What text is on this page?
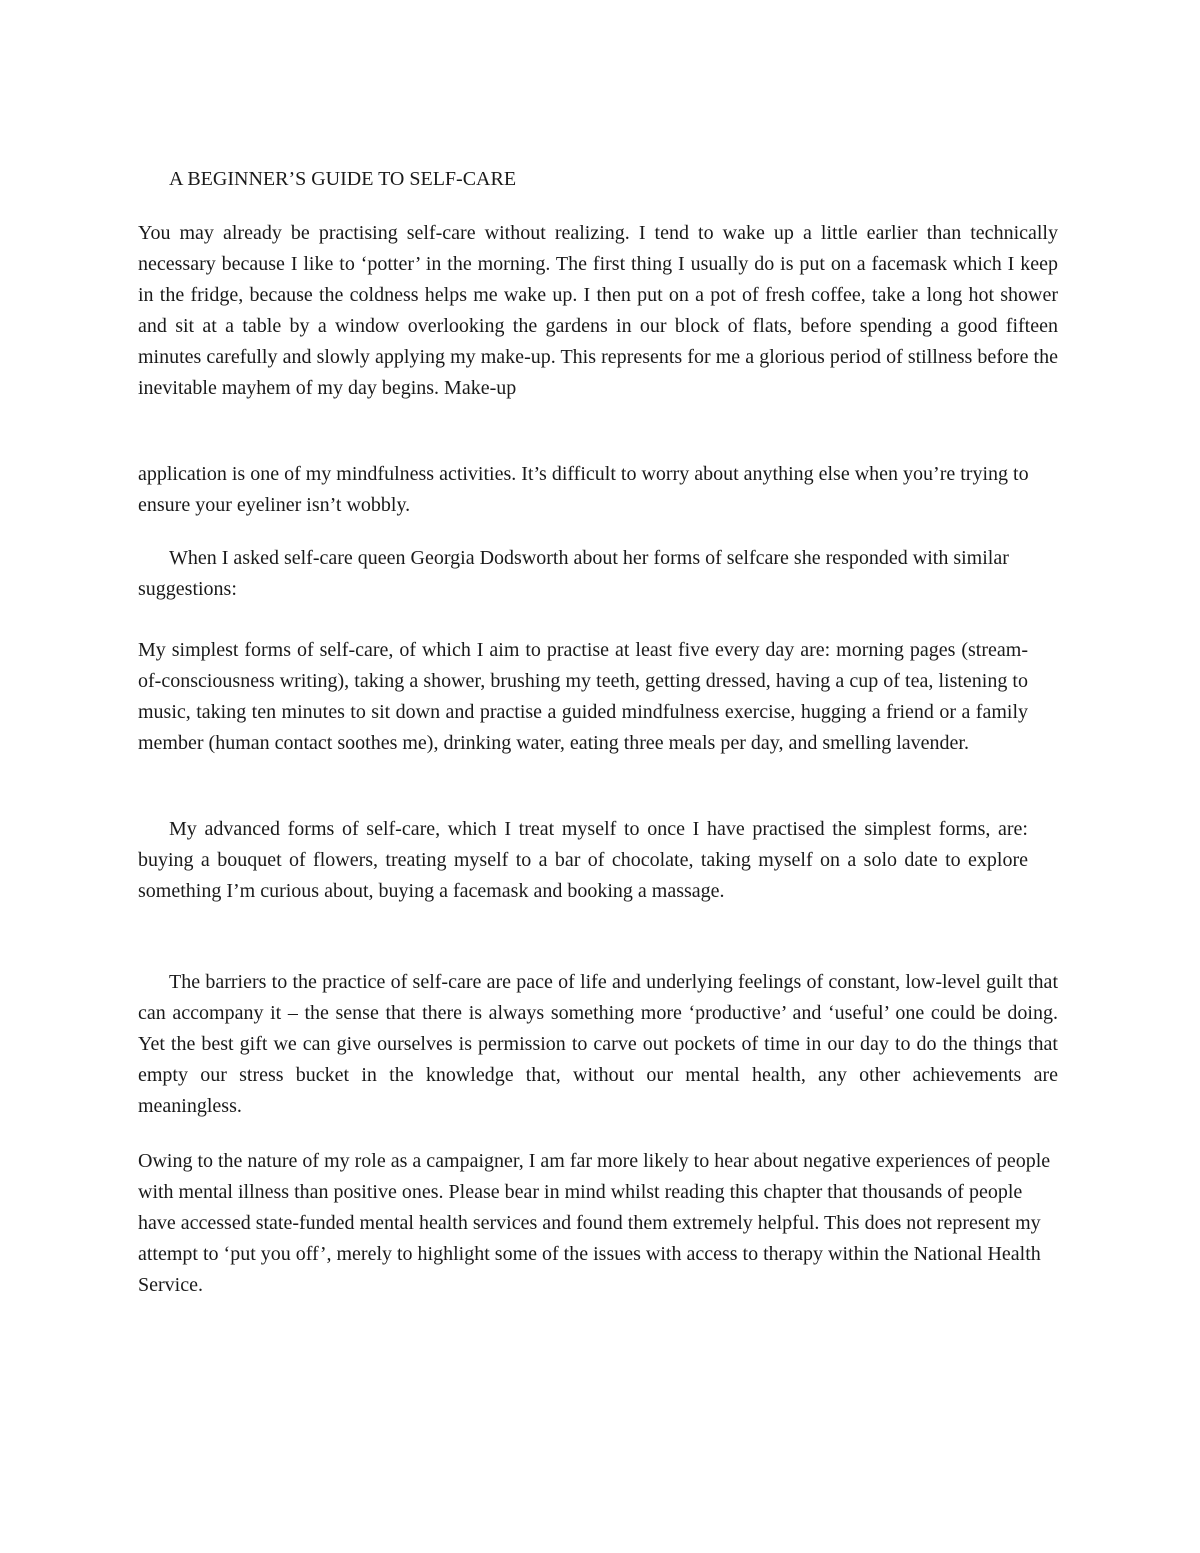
A BEGINNER’S GUIDE TO SELF-CARE

You may already be practising self-care without realizing. I tend to wake up a little earlier than technically necessary because I like to ‘potter’ in the morning. The first thing I usually do is put on a facemask which I keep in the fridge, because the coldness helps me wake up. I then put on a pot of fresh coffee, take a long hot shower and sit at a table by a window overlooking the gardens in our block of flats, before spending a good fifteen minutes carefully and slowly applying my make-up. This represents for me a glorious period of stillness before the inevitable mayhem of my day begins. Make-up

application is one of my mindfulness activities. It’s difficult to worry about anything else when you’re trying to ensure your eyeliner isn’t wobbly.

When I asked self-care queen Georgia Dodsworth about her forms of selfcare she responded with similar suggestions:

My simplest forms of self-care, of which I aim to practise at least five every day are: morning pages (stream-of-consciousness writing), taking a shower, brushing my teeth, getting dressed, having a cup of tea, listening to music, taking ten minutes to sit down and practise a guided mindfulness exercise, hugging a friend or a family member (human contact soothes me), drinking water, eating three meals per day, and smelling lavender.

My advanced forms of self-care, which I treat myself to once I have practised the simplest forms, are: buying a bouquet of flowers, treating myself to a bar of chocolate, taking myself on a solo date to explore something I’m curious about, buying a facemask and booking a massage.

The barriers to the practice of self-care are pace of life and underlying feelings of constant, low-level guilt that can accompany it – the sense that there is always something more ‘productive’ and ‘useful’ one could be doing. Yet the best gift we can give ourselves is permission to carve out pockets of time in our day to do the things that empty our stress bucket in the knowledge that, without our mental health, any other achievements are meaningless.

Owing to the nature of my role as a campaigner, I am far more likely to hear about negative experiences of people with mental illness than positive ones. Please bear in mind whilst reading this chapter that thousands of people have accessed state-funded mental health services and found them extremely helpful. This does not represent my attempt to ‘put you off’, merely to highlight some of the issues with access to therapy within the National Health Service.
